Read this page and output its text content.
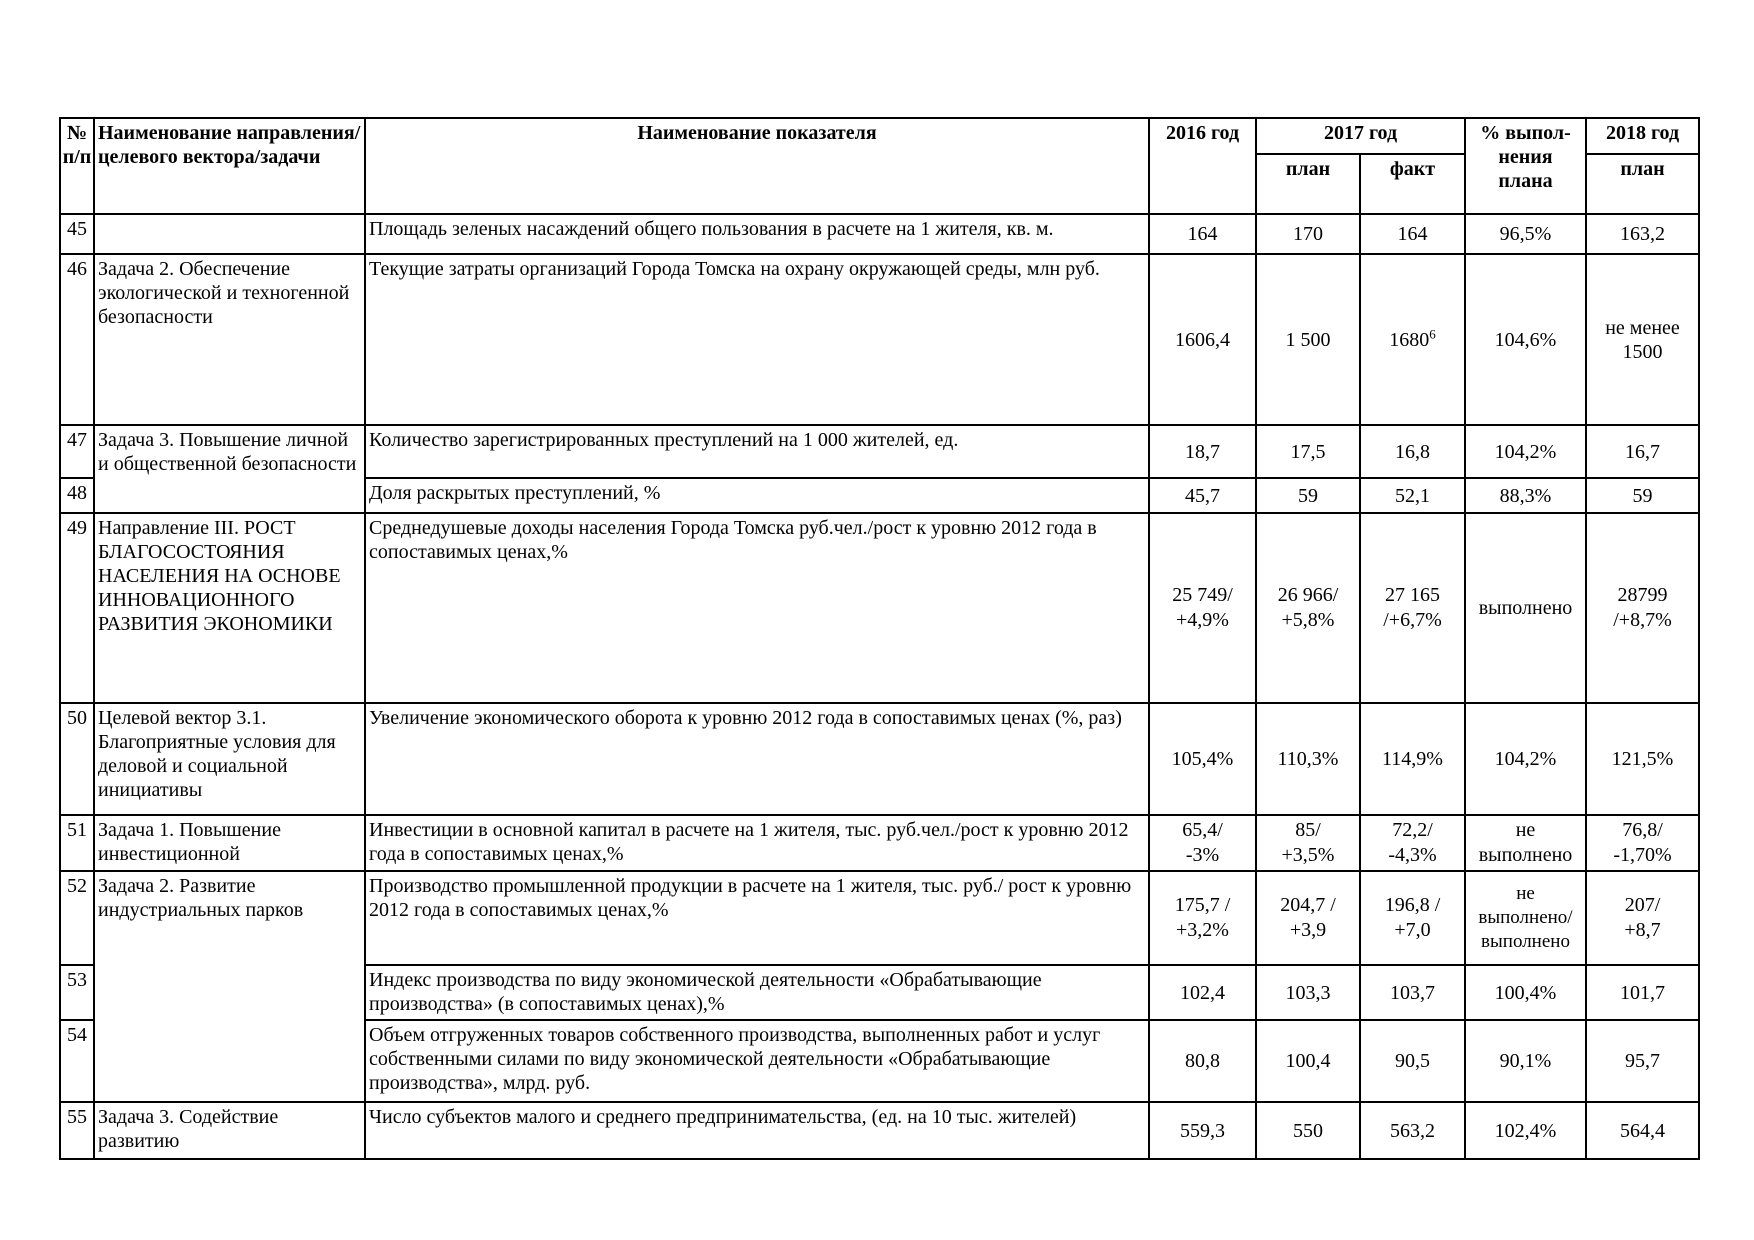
№ п/п	Наименование направления/целевого вектора/задачи	Наименование показателя	2016 год	2017 год		% выпол-нения плана	2018 год
				план	факт		план
45		Площадь зеленых насаждений общего пользования в расчете на 1 жителя, кв. м.	164	170	164	96,5%	163,2
46	Задача 2. Обеспечение экологической и техногенной безопасности	Текущие затраты организаций Города Томска на охрану окружающей среды, млн руб.	1606,4	1 500	1680$^6$	104,6%	не менее 1500
47	Задача 3. Повышение личной и общественной безопасности	Количество зарегистрированных преступлений на 1 000 жителей, ед.	18,7	17,5	16,8	104,2%	16,7
48		Доля раскрытых преступлений, %	45,7	59	52,1	88,3%	59
49	Направление III. РОСТ БЛАГОСОСТОЯНИЯ НАСЕЛЕНИЯ НА ОСНОВЕ ИННОВАЦИОННОГО РАЗВИТИЯ ЭКОНОМИКИ	Среднедушевые доходы населения Города Томска руб.чел./рост к уровню 2012 года в сопоставимых ценах,%	25 749/
+4,9%	26 966/
+5,8%	27 165
/+6,7%	выполнено	28799
/+8,7%
50	Целевой вектор 3.1. Благоприятные условия для деловой и социальной инициативы	Увеличение экономического оборота к уровню 2012 года в сопоставимых ценах (%, раз)	105,4%	110,3%	114,9%	104,2%	121,5%
51	Задача 1. Повышение инвестиционной	Инвестиции в основной капитал в расчете на 1 жителя, тыс. руб.чел./рост к уровню 2012 года в сопоставимых ценах,%	65,4/
-3%	85/
+3,5%	72,2/
-4,3%	не
выполнено	76,8/
-1,70%
52	Задача 2. Развитие индустриальных парков	Производство промышленной продукции в расчете на 1 жителя, тыс. руб./ рост к уровню 2012 года в сопоставимых ценах,%	175,7 /
+3,2%	204,7 /
+3,9	196,8 /
+7,0	не
выполнено/
выполнено	207/
+8,7
53		Индекс производства по виду экономической деятельности «Обрабатывающие производства» (в сопоставимых ценах),%	102,4	103,3	103,7	100,4%	101,7
54		Объем отгруженных товаров собственного производства, выполненных работ и услуг собственными силами по виду экономической деятельности «Обрабатывающие производства», млрд. руб.	80,8	100,4	90,5	90,1%	95,7
55	Задача 3. Содействие развитию	Число субъектов малого и среднего предпринимательства, (ед. на 10 тыс. жителей)	559,3	550	563,2	102,4%	564,4
